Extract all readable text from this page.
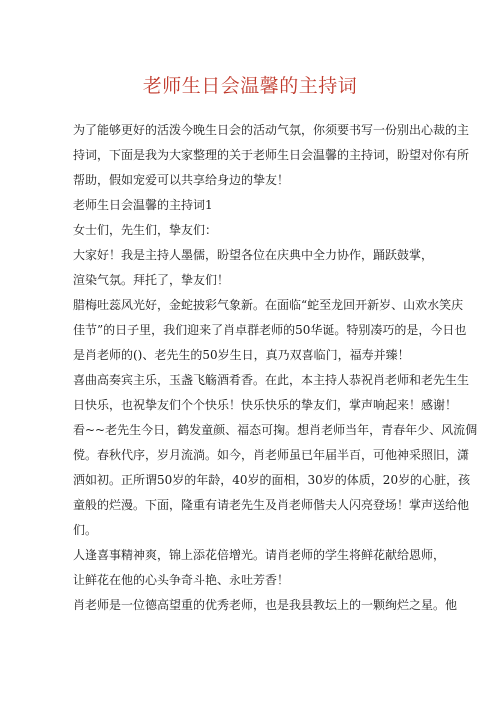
老师生日会温馨的主持词
为了能够更好的活泼今晚生日会的活动气氛，你须要书写一份别出心裁的主
持词，下面是我为大家整理的关于老师生日会温馨的主持词，盼望对你有所
帮助，假如宠爱可以共享给身边的挚友！
老师生日会温馨的主持词1
女士们，先生们，挚友们：
大家好！我是主持人墨儒，盼望各位在庆典中全力协作，踊跃鼓掌，
渲染气氛。拜托了，挚友们！
腊梅吐蕊风光好，金蛇披彩气象新。在面临“蛇至龙回开新岁、山欢水笑庆
佳节”的日子里，我们迎来了肖卓群老师的50华诞。特别凑巧的是，今日也
是肖老师的()、老先生的50岁生日，真乃双喜临门，福寿并臻！
喜曲高奏宾主乐，玉盏飞觞酒肴香。在此，本主持人恭祝肖老师和老先生生
日快乐，也祝挚友们个个快乐！快乐快乐的挚友们，掌声响起来！感谢！
看~~老先生今日，鹤发童颜、福态可掬。想肖老师当年，青春年少、风流倜
傥。春秋代序，岁月流淌。如今，肖老师虽已年届半百，可他神采照旧，潇
洒如初。正所谓50岁的年龄，40岁的面相，30岁的体质，20岁的心脏，孩
童般的烂漫。下面，隆重有请老先生及肖老师偕夫人闪亮登场！掌声送给他
们。
人逢喜事精神爽，锦上添花倍增光。请肖老师的学生将鲜花献给恩师，
让鲜花在他的心头争奇斗艳、永吐芳香！
肖老师是一位德高望重的优秀老师，也是我县教坛上的一颗绚烂之星。他
